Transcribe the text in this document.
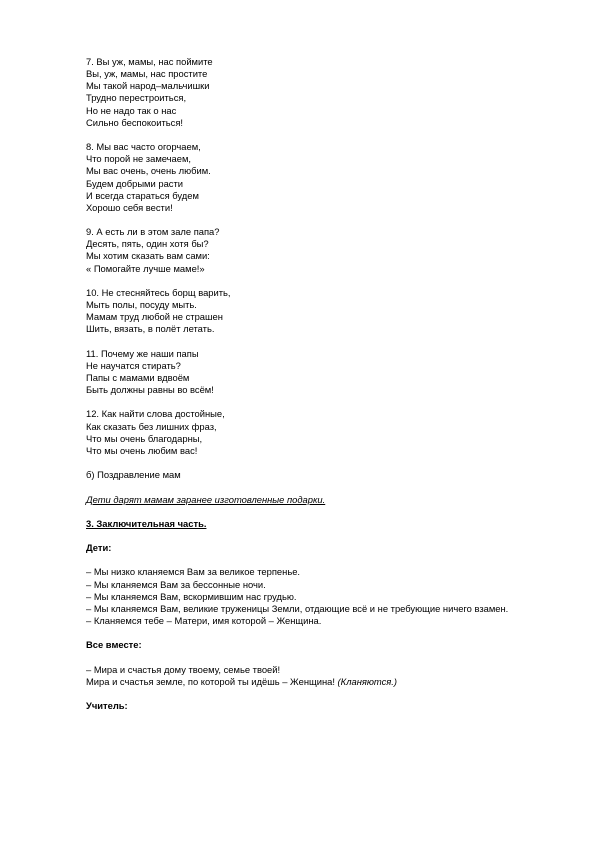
7. Вы уж, мамы, нас поймите
Вы, уж, мамы, нас простите
Мы такой народ–мальчишки
Трудно перестроиться,
Но не надо так о нас
Сильно беспокоиться!
8. Мы вас часто огорчаем,
Что порой не замечаем,
Мы вас очень, очень любим.
Будем добрыми расти
И всегда стараться будем
Хорошо себя вести!
9. А есть ли в этом зале папа?
Десять, пять, один хотя бы?
Мы хотим сказать вам сами:
« Помогайте лучше маме!»
10. Не стесняйтесь борщ варить,
Мыть полы, посуду мыть.
Мамам труд любой не страшен
Шить, вязать, в полёт летать.
11. Почему же наши папы
Не научатся стирать?
Папы с мамами вдвоём
Быть должны равны во всём!
12. Как найти слова достойные,
Как сказать без лишних фраз,
Что мы очень благодарны,
Что мы очень любим вас!
б) Поздравление мам
Дети дарят мамам заранее изготовленные подарки.
3. Заключительная часть.
Дети:
– Мы низко кланяемся Вам за великое терпенье.
– Мы кланяемся Вам за бессонные ночи.
– Мы кланяемся Вам, вскормившим нас грудью.
– Мы кланяемся Вам, великие труженицы Земли, отдающие всё и не требующие ничего взамен.
– Кланяемся тебе – Матери, имя которой – Женщина.
Все вместе:
– Мира и счастья дому твоему, семье твоей!
Мира и счастья земле, по которой ты идёшь – Женщина! (Кланяются.)
Учитель:
